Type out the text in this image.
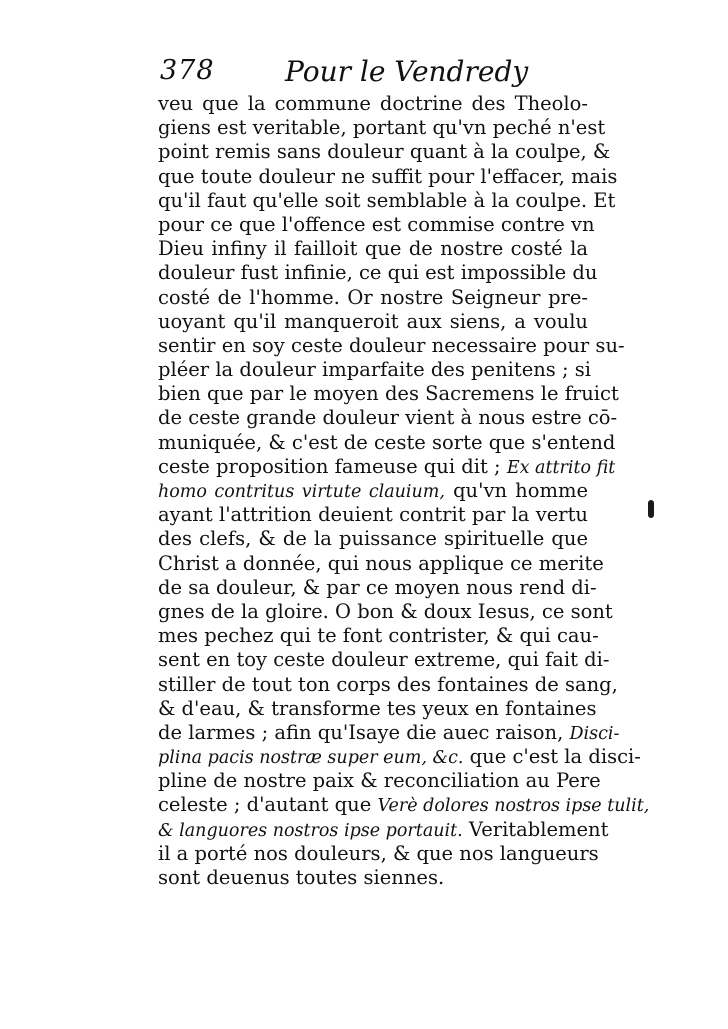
378	Pour le Vendredy
veu que la commune doctrine des Theolo-
giens est veritable, portant qu'vn peché n'est
point remis sans douleur quant à la coulpe, &
que toute douleur ne suffit pour l'effacer, mais
qu'il faut qu'elle soit semblable à la coulpe. Et
pour ce que l'offence est commise contre vn
Dieu infiny il failloit que de nostre costé la
douleur fust infinie, ce qui est impossible du
costé de l'homme. Or nostre Seigneur pre-
uoyant qu'il manqueroit aux siens, a voulu
sentir en soy ceste douleur necessaire pour su-
pléer la douleur imparfaite des penitens ; si
bien que par le moyen des Sacremens le fruict
de ceste grande douleur vient à nous estre cō-
muniquée, & c'est de ceste sorte que s'entend
ceste proposition fameuse qui dit ; Ex attrito fit
homo contritus virtute clauium, qu'vn homme
ayant l'attrition deuient contrit par la vertu
des clefs, & de la puissance spirituelle que
Christ a donnée, qui nous applique ce merite
de sa douleur, & par ce moyen nous rend di-
gnes de la gloire. O bon & doux Iesus, ce sont
mes pechez qui te font contrister, & qui cau-
sent en toy ceste douleur extreme, qui fait di-
stiller de tout ton corps des fontaines de sang,
& d'eau, & transforme tes yeux en fontaines
de larmes ; afin qu'Isaye die auec raison, Disci-
plina pacis nostræ super eum, &c. que c'est la disci-
pline de nostre paix & reconciliation au Pere
celeste ; d'autant que Verè dolores nostros ipse tulit,
& languores nostros ipse portauit. Veritablement
il a porté nos douleurs, & que nos langueurs
sont deuenus toutes siennes.
